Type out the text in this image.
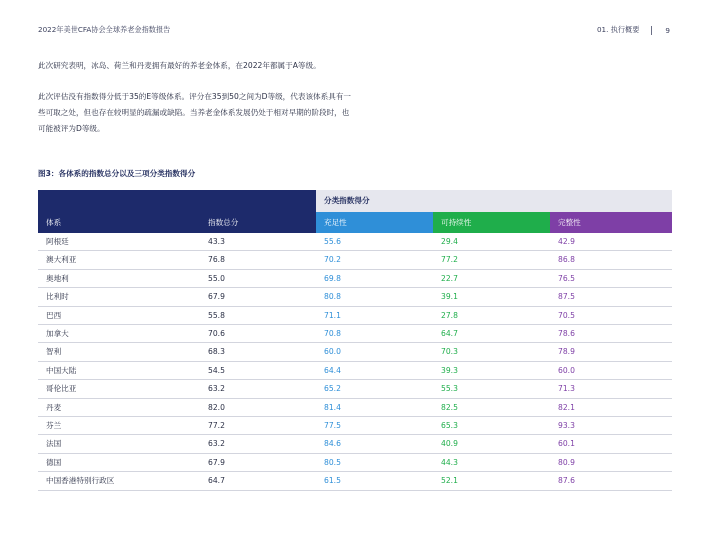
2022年美世CFA协会全球养老金指数报告	01. 执行概要	9
此次研究表明，冰岛、荷兰和丹麦拥有最好的养老金体系，在2022年都属于A等级。
此次评估没有指数得分低于35的E等级体系。评分在35到50之间为D等级，代表该体系具有一些可取之处，但也存在较明显的疏漏或缺陷。当养老金体系发展仍处于相对早期的阶段时，也可能被评为D等级。
图3：各体系的指数总分以及三项分类指数得分
分类指数得分
体系	指数总分	充足性	可持续性	完整性
阿根廷	43.3	55.6	29.4	42.9
澳大利亚	76.8	70.2	77.2	86.8
奥地利	55.0	69.8	22.7	76.5
比利时	67.9	80.8	39.1	87.5
巴西	55.8	71.1	27.8	70.5
加拿大	70.6	70.8	64.7	78.6
智利	68.3	60.0	70.3	78.9
中国大陆	54.5	64.4	39.3	60.0
哥伦比亚	63.2	65.2	55.3	71.3
丹麦	82.0	81.4	82.5	82.1
芬兰	77.2	77.5	65.3	93.3
法国	63.2	84.6	40.9	60.1
德国	67.9	80.5	44.3	80.9
中国香港特别行政区	64.7	61.5	52.1	87.6
